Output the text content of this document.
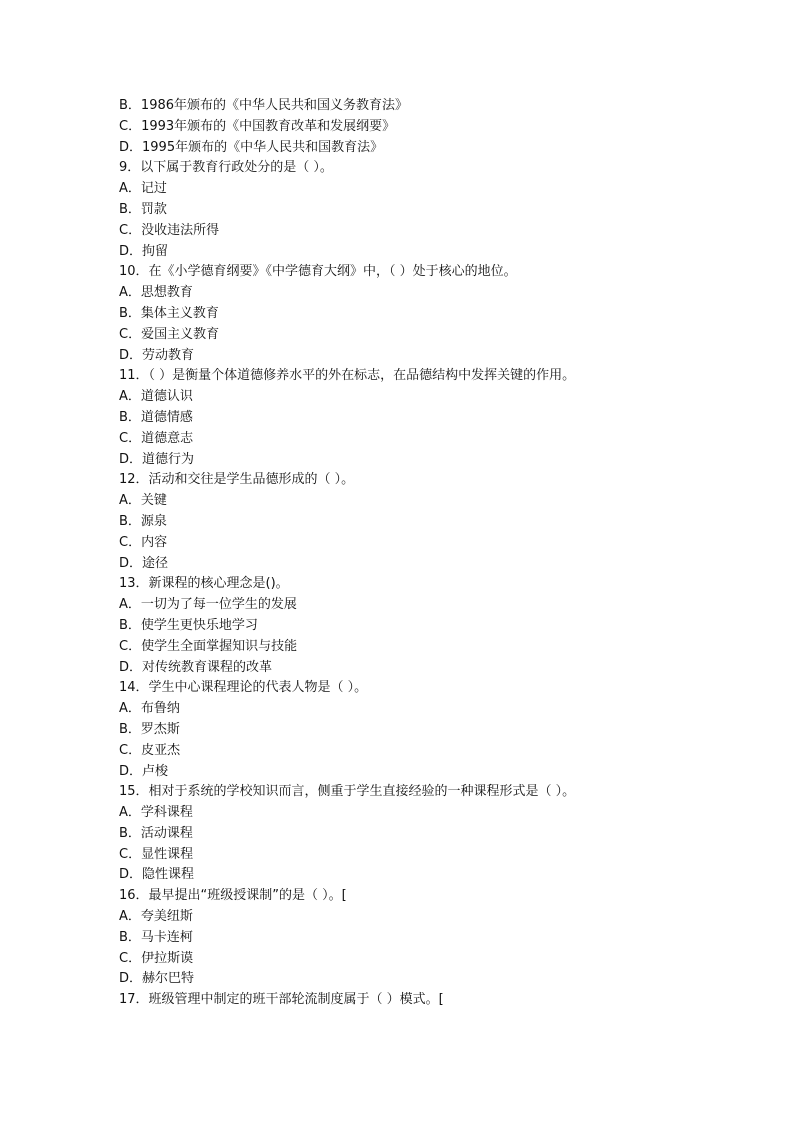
B．1986年颁布的《中华人民共和国义务教育法》
C．1993年颁布的《中国教育改革和发展纲要》
D．1995年颁布的《中华人民共和国教育法》
9．以下属于教育行政处分的是（ ）。
A．记过
B．罚款
C．没收违法所得
D．拘留
10．在《小学德育纲要》《中学德育大纲》中，（ ）处于核心的地位。
A．思想教育
B．集体主义教育
C．爱国主义教育
D．劳动教育
11．（ ）是衡量个体道德修养水平的外在标志，在品德结构中发挥关键的作用。
A．道德认识
B．道德情感
C．道德意志
D．道德行为
12．活动和交往是学生品德形成的（ ）。
A．关键
B．源泉
C．内容
D．途径
13．新课程的核心理念是()。
A．一切为了每一位学生的发展
B．使学生更快乐地学习
C．使学生全面掌握知识与技能
D．对传统教育课程的改革
14．学生中心课程理论的代表人物是（ ）。
A．布鲁纳
B．罗杰斯
C．皮亚杰
D．卢梭
15．相对于系统的学校知识而言，侧重于学生直接经验的一种课程形式是（ ）。
A．学科课程
B．活动课程
C．显性课程
D．隐性课程
16．最早提出“班级授课制”的是（ ）。[
A．夸美纽斯
B．马卡连柯
C．伊拉斯谟
D．赫尔巴特
17．班级管理中制定的班干部轮流制度属于（ ）模式。[
